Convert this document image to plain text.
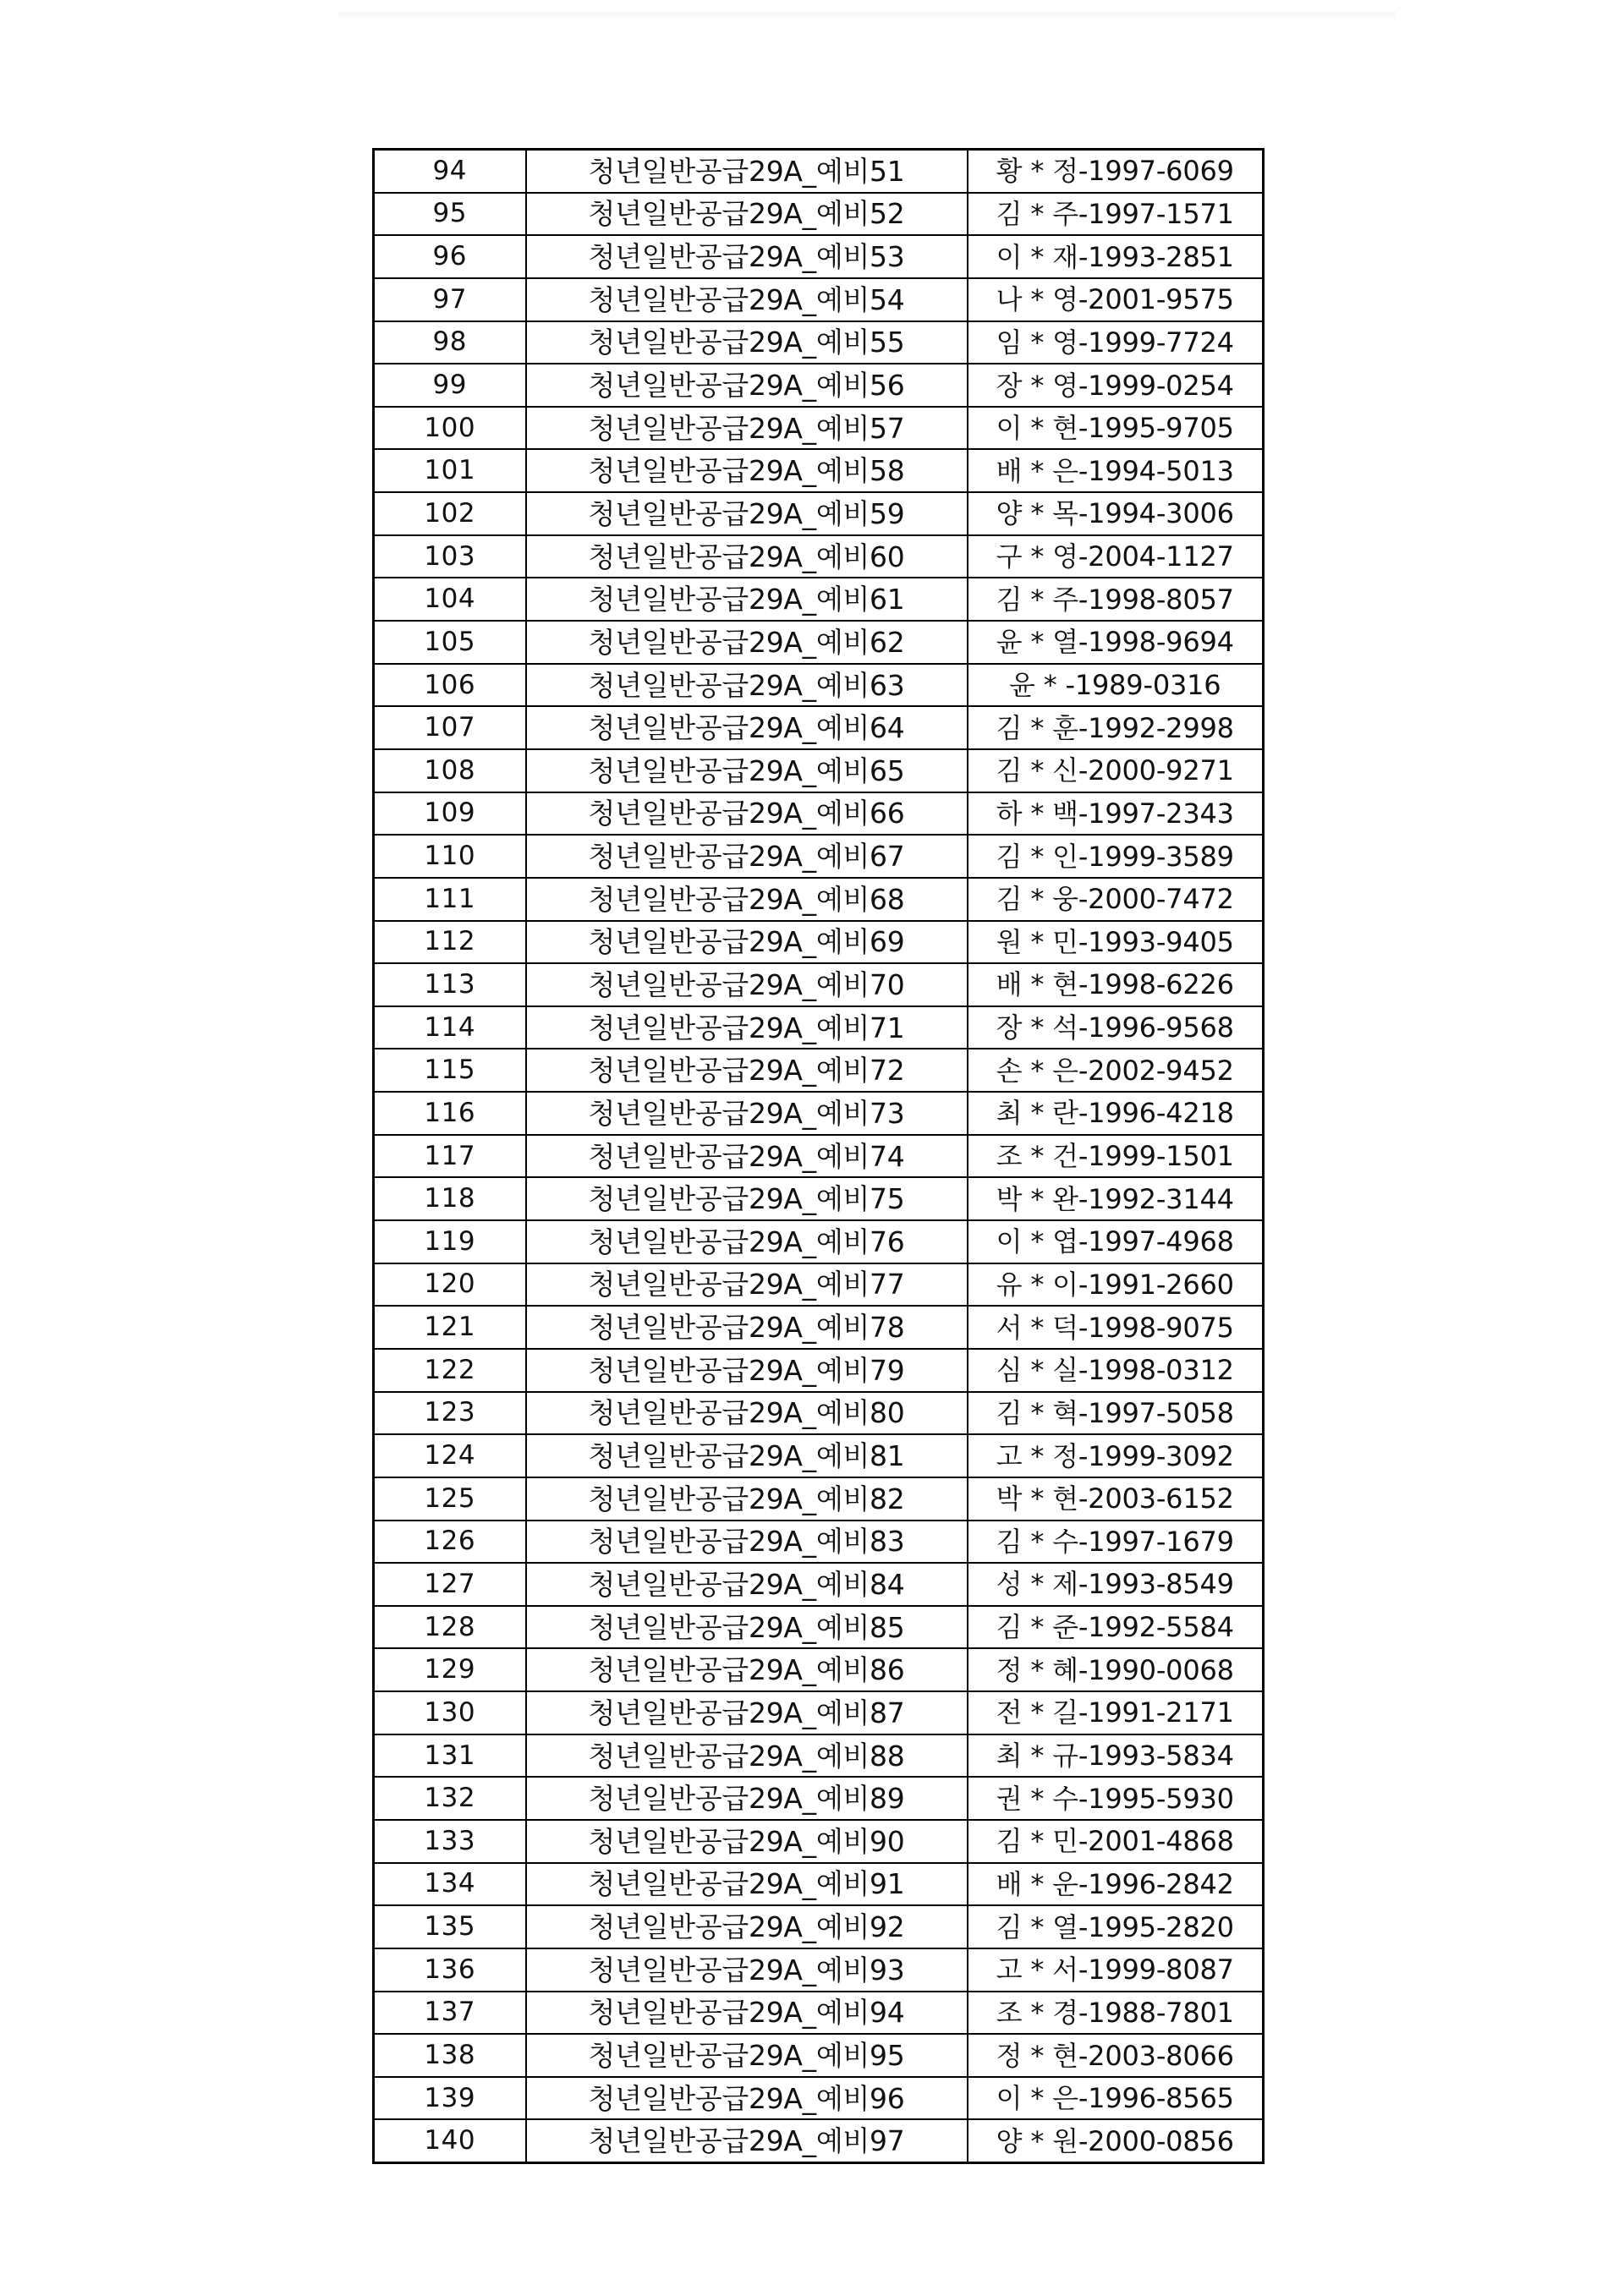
94	청년일반공급29A_예비51	황 * 정-1997-6069
95	청년일반공급29A_예비52	김 * 주-1997-1571
96	청년일반공급29A_예비53	이 * 재-1993-2851
97	청년일반공급29A_예비54	나 * 영-2001-9575
98	청년일반공급29A_예비55	임 * 영-1999-7724
99	청년일반공급29A_예비56	장 * 영-1999-0254
100	청년일반공급29A_예비57	이 * 현-1995-9705
101	청년일반공급29A_예비58	배 * 은-1994-5013
102	청년일반공급29A_예비59	양 * 목-1994-3006
103	청년일반공급29A_예비60	구 * 영-2004-1127
104	청년일반공급29A_예비61	김 * 주-1998-8057
105	청년일반공급29A_예비62	윤 * 열-1998-9694
106	청년일반공급29A_예비63	윤 * -1989-0316
107	청년일반공급29A_예비64	김 * 훈-1992-2998
108	청년일반공급29A_예비65	김 * 신-2000-9271
109	청년일반공급29A_예비66	하 * 백-1997-2343
110	청년일반공급29A_예비67	김 * 인-1999-3589
111	청년일반공급29A_예비68	김 * 웅-2000-7472
112	청년일반공급29A_예비69	원 * 민-1993-9405
113	청년일반공급29A_예비70	배 * 현-1998-6226
114	청년일반공급29A_예비71	장 * 석-1996-9568
115	청년일반공급29A_예비72	손 * 은-2002-9452
116	청년일반공급29A_예비73	최 * 란-1996-4218
117	청년일반공급29A_예비74	조 * 건-1999-1501
118	청년일반공급29A_예비75	박 * 완-1992-3144
119	청년일반공급29A_예비76	이 * 엽-1997-4968
120	청년일반공급29A_예비77	유 * 이-1991-2660
121	청년일반공급29A_예비78	서 * 덕-1998-9075
122	청년일반공급29A_예비79	심 * 실-1998-0312
123	청년일반공급29A_예비80	김 * 혁-1997-5058
124	청년일반공급29A_예비81	고 * 정-1999-3092
125	청년일반공급29A_예비82	박 * 현-2003-6152
126	청년일반공급29A_예비83	김 * 수-1997-1679
127	청년일반공급29A_예비84	성 * 제-1993-8549
128	청년일반공급29A_예비85	김 * 준-1992-5584
129	청년일반공급29A_예비86	정 * 혜-1990-0068
130	청년일반공급29A_예비87	전 * 길-1991-2171
131	청년일반공급29A_예비88	최 * 규-1993-5834
132	청년일반공급29A_예비89	권 * 수-1995-5930
133	청년일반공급29A_예비90	김 * 민-2001-4868
134	청년일반공급29A_예비91	배 * 운-1996-2842
135	청년일반공급29A_예비92	김 * 열-1995-2820
136	청년일반공급29A_예비93	고 * 서-1999-8087
137	청년일반공급29A_예비94	조 * 경-1988-7801
138	청년일반공급29A_예비95	정 * 현-2003-8066
139	청년일반공급29A_예비96	이 * 은-1996-8565
140	청년일반공급29A_예비97	양 * 원-2000-0856
